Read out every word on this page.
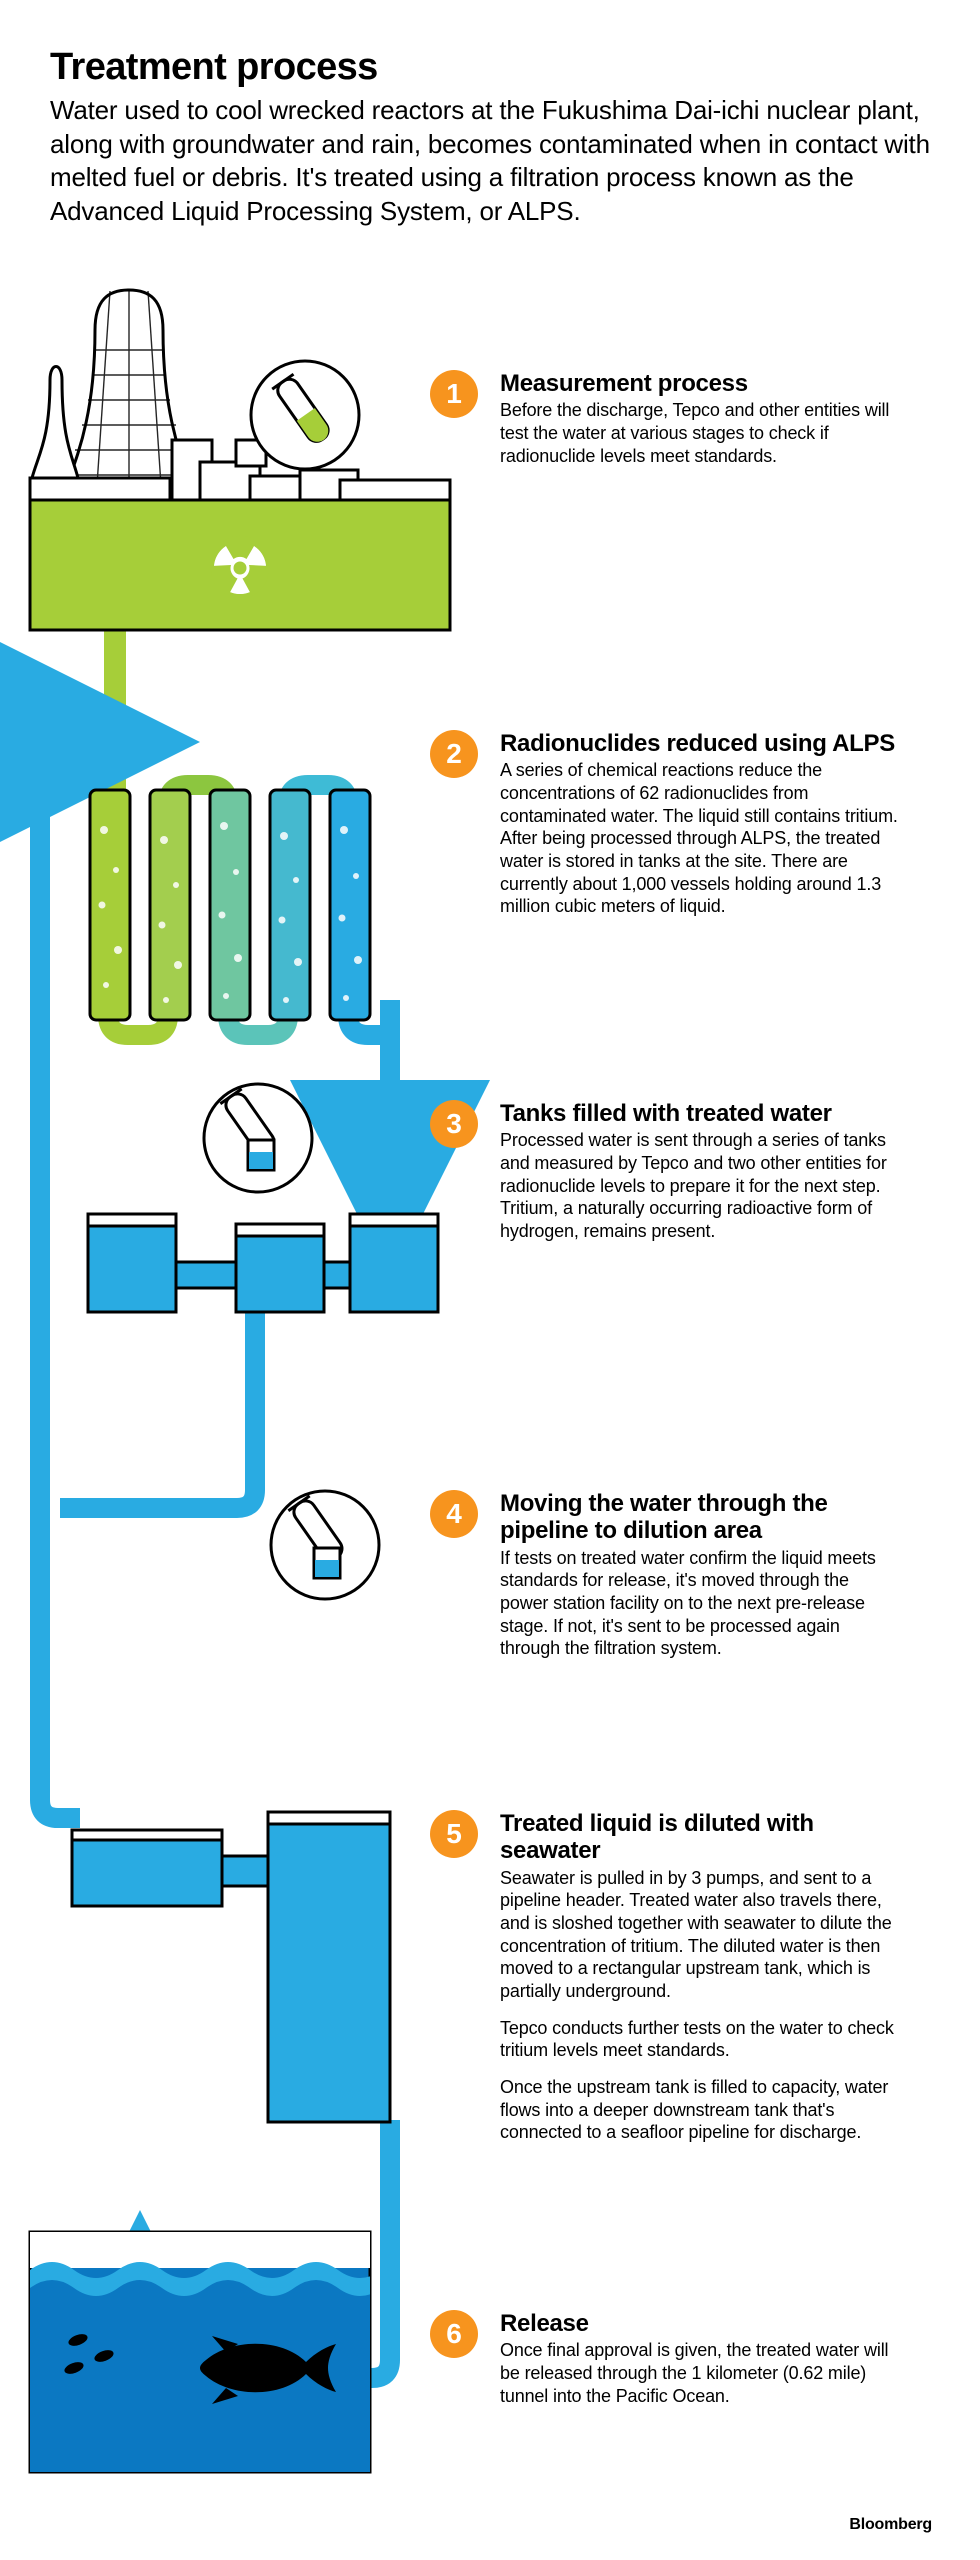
Treatment process

Water used to cool wrecked reactors at the Fukushima Dai-ichi nuclear plant, along with groundwater and rain, becomes contaminated when in contact with melted fuel or debris. It's treated using a filtration process known as the Advanced Liquid Processing System, or ALPS.

1	Measurement process

Before the discharge, Tepco and other entities will test the water at various stages to check if radionuclide levels meet standards.

2	Radionuclides reduced using ALPS

A series of chemical reactions reduce the concentrations of 62 radionuclides from contaminated water. The liquid still contains tritium. After being processed through ALPS, the treated water is stored in tanks at the site. There are currently about 1,000 vessels holding around 1.3 million cubic meters of liquid.

3	Tanks filled with treated water

Processed water is sent through a series of tanks and measured by Tepco and two other entities for radionuclide levels to prepare it for the next step. Tritium, a naturally occurring radioactive form of hydrogen, remains present.

4	Moving the water through the pipeline to dilution area

If tests on treated water confirm the liquid meets standards for release, it's moved through the power station facility on to the next pre-release stage. If not, it's sent to be processed again through the filtration system.

5	Treated liquid is diluted with seawater

Seawater is pulled in by 3 pumps, and sent to a pipeline header. Treated water also travels there, and is sloshed together with seawater to dilute the concentration of tritium. The diluted water is then moved to a rectangular upstream tank, which is partially underground.

Tepco conducts further tests on the water to check tritium levels meet standards.

Once the upstream tank is filled to capacity, water flows into a deeper downstream tank that's connected to a seafloor pipeline for discharge.

6	Release

Once final approval is given, the treated water will be released through the 1 kilometer (0.62 mile) tunnel into the Pacific Ocean.

Bloomberg
